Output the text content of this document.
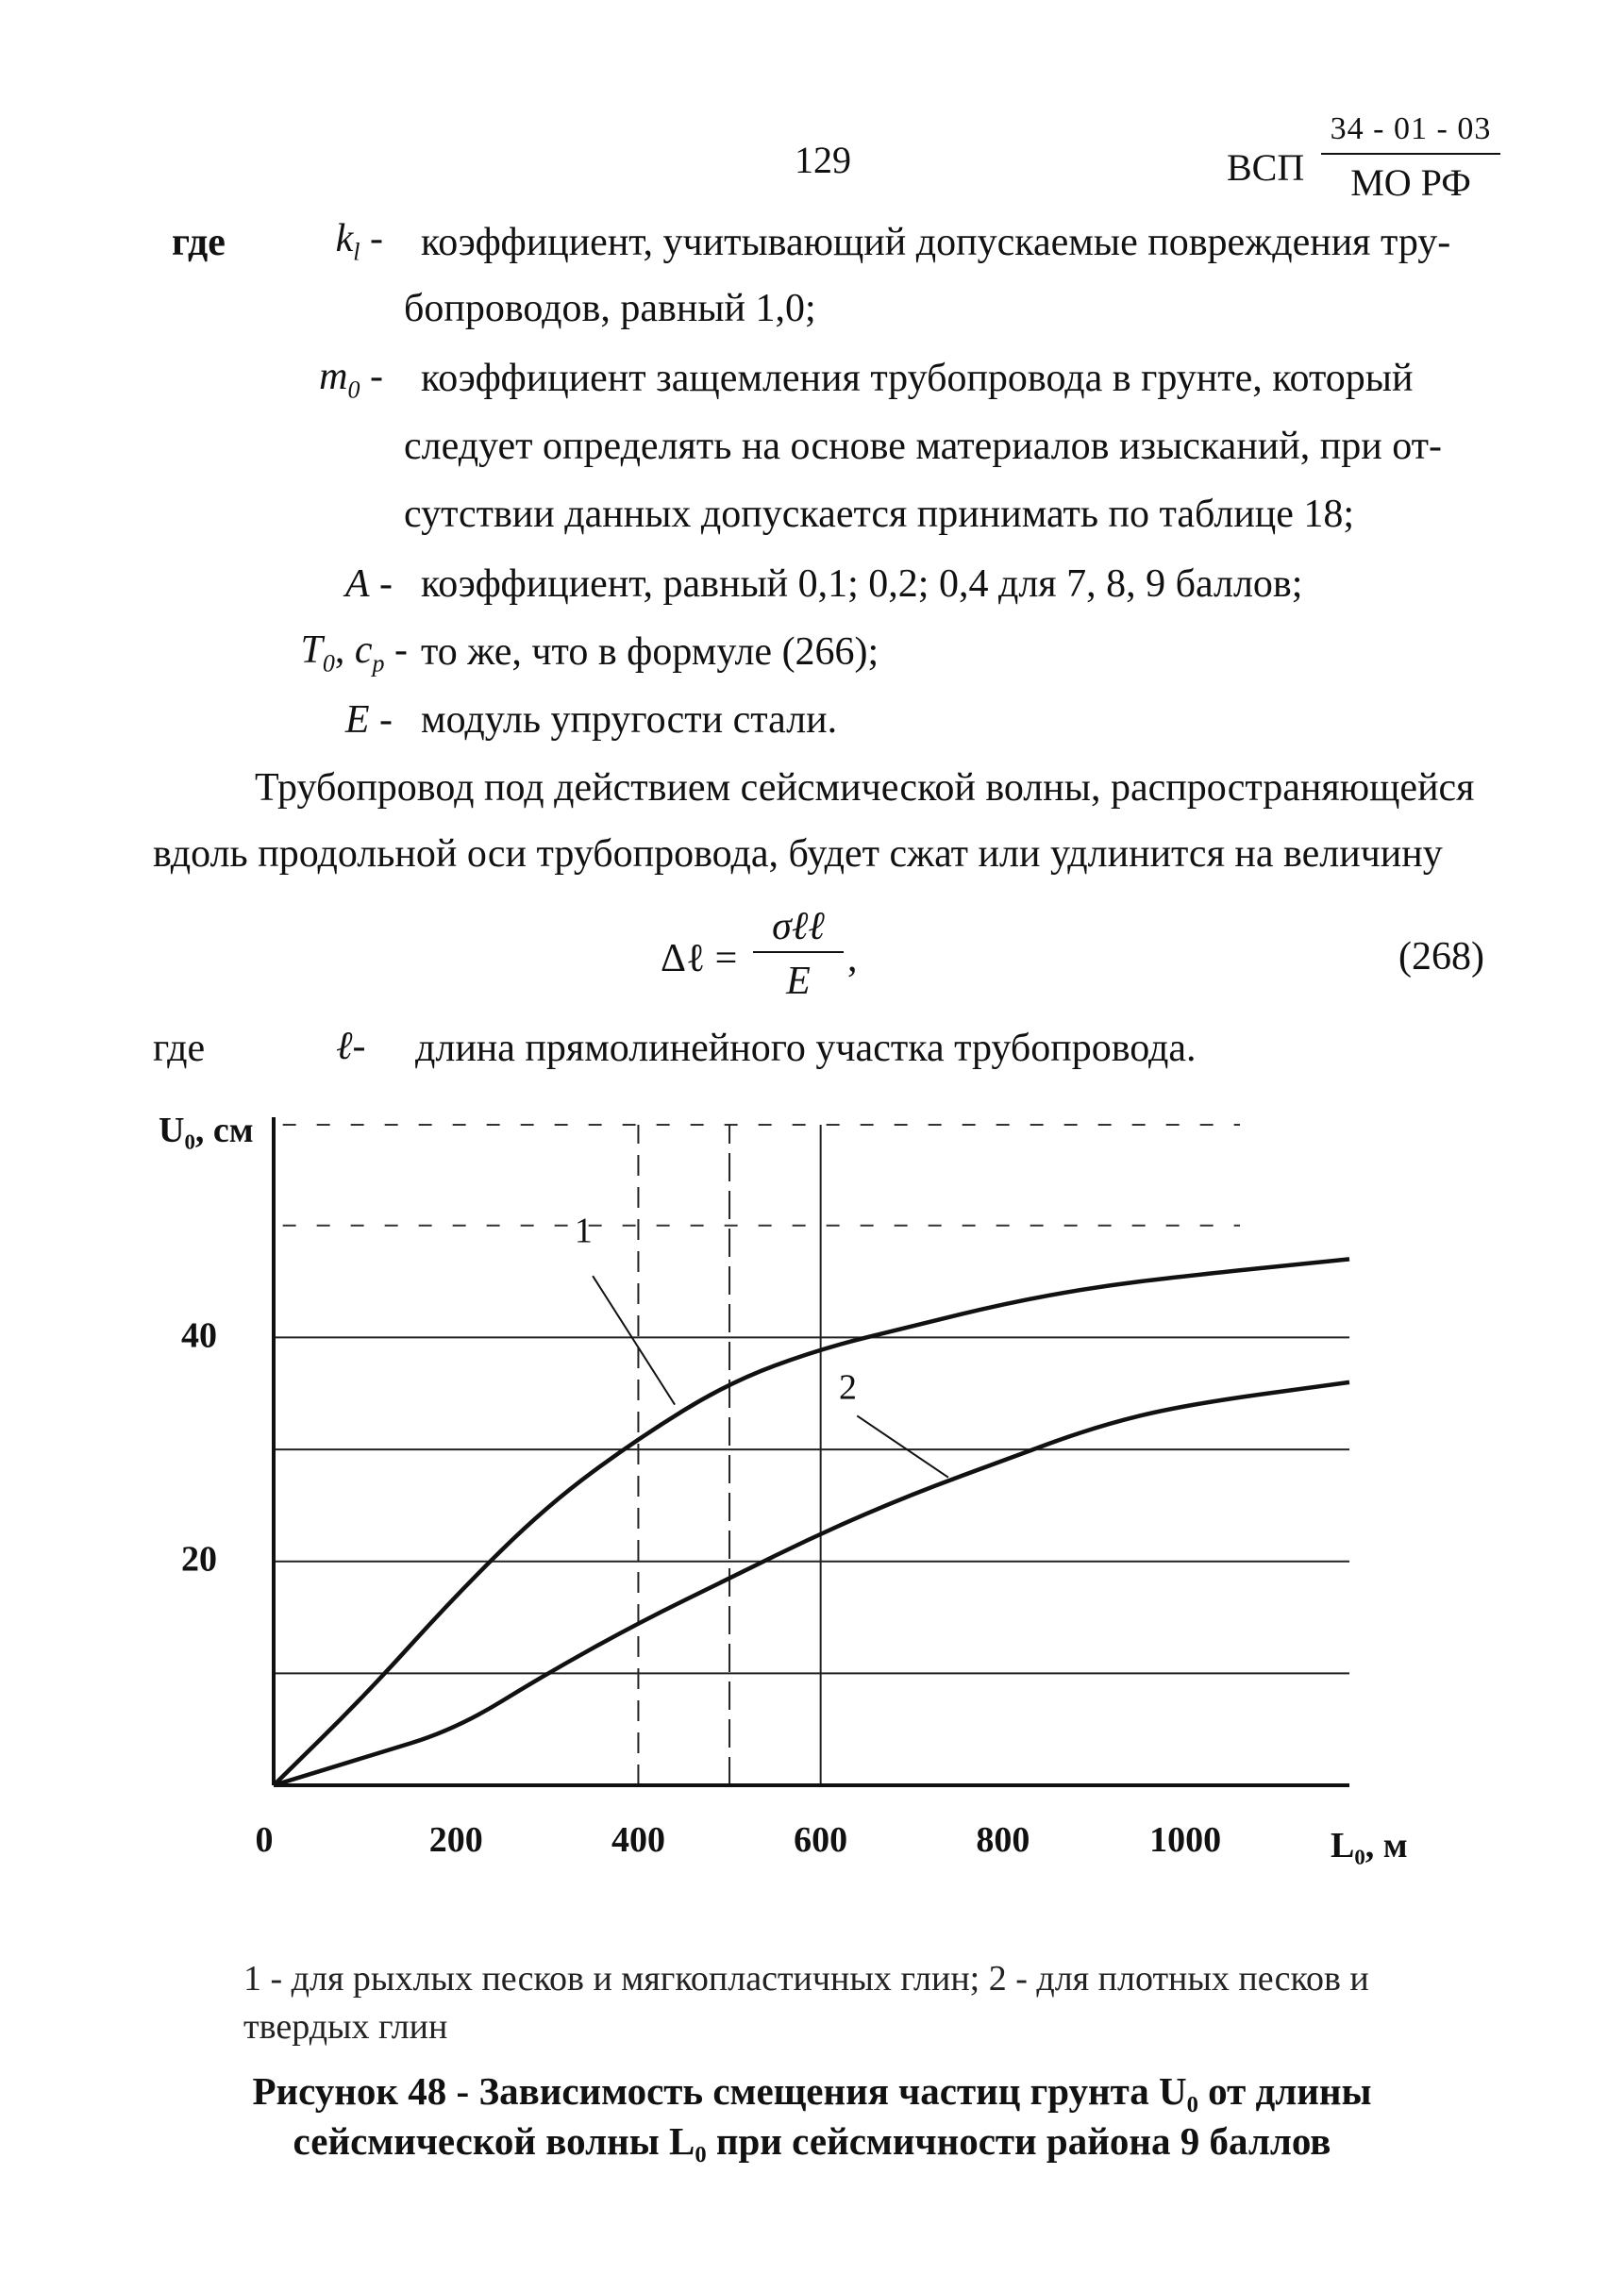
129	ВСП
34 - 01 - 03
МО РФ
где	$k_l$ - коэффициент, учитывающий допускаемые повреждения тру-
бопроводов, равный 1,0;
$m_0$ - коэффициент защемления трубопровода в грунте, который
следует определять на основе материалов изысканий, при от-
сутствии данных допускается принимать по таблице 18;
A - коэффициент, равный 0,1; 0,2; 0,4 для 7, 8, 9 баллов;
$T_0$, $c_p$ - то же, что в формуле (266);
E - модуль упругости стали.
Трубопровод под действием сейсмической волны, распространяющейся
вдоль продольной оси трубопровода, будет сжат или удлинится на величину
Δℓ =
σℓℓ
E
,	(268)
где	ℓ- длина прямолинейного участка трубопровода.
1
2
0	200	400	600	800	1000
20
40
U₀, см
L₀, м
1 - для рыхлых песков и мягкопластичных глин; 2 - для плотных песков и твердых глин
Рисунок 48 - Зависимость смещения частиц грунта U₀ от длины
сейсмической волны L₀ при сейсмичности района 9 баллов
